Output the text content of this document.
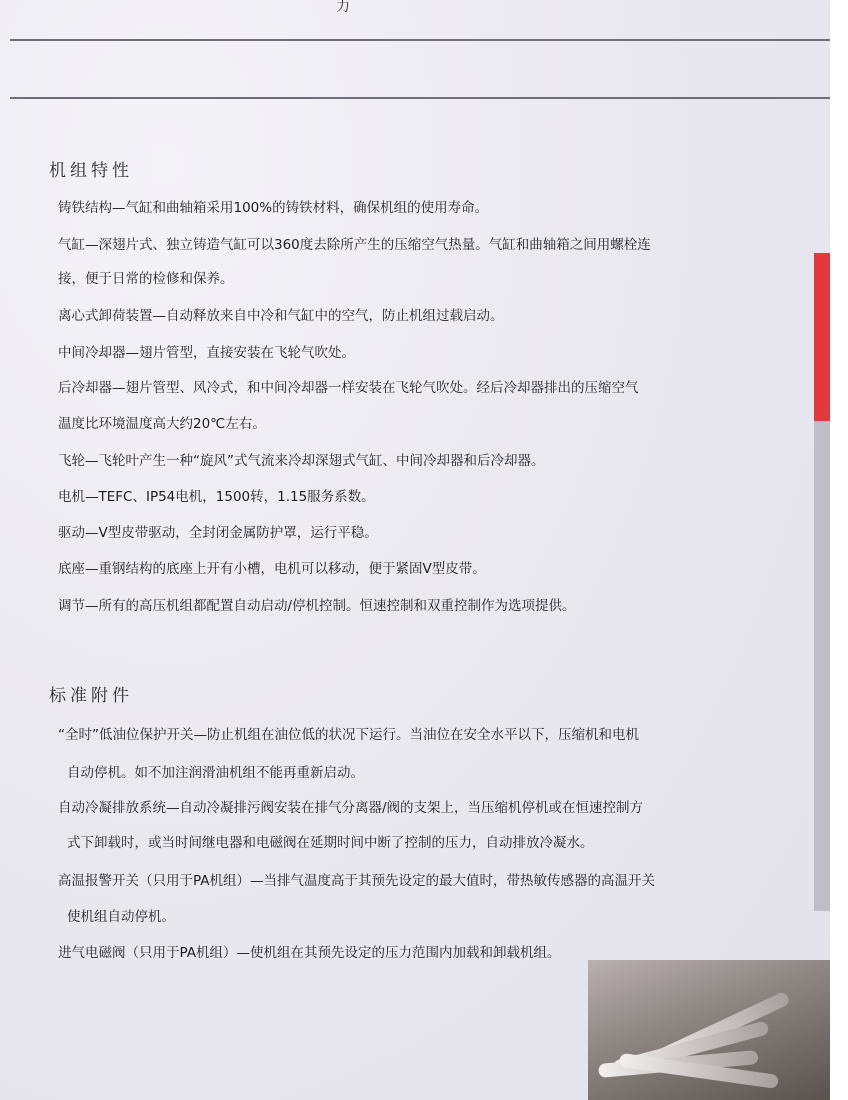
力
机组特性

铸铁结构—气缸和曲轴箱采用100%的铸铁材料，确保机组的使用寿命。

气缸—深翅片式、独立铸造气缸可以360度去除所产生的压缩空气热量。气缸和曲轴箱之间用螺栓连

接，便于日常的检修和保养。

离心式卸荷装置—自动释放来自中冷和气缸中的空气，防止机组过载启动。

中间冷却器—翅片管型，直接安装在飞轮气吹处。

后冷却器—翅片管型、风冷式，和中间冷却器一样安装在飞轮气吹处。经后冷却器排出的压缩空气

温度比环境温度高大约20℃左右。

飞轮—飞轮叶产生一种“旋风”式气流来冷却深翅式气缸、中间冷却器和后冷却器。

电机—TEFC、IP54电机，1500转，1.15服务系数。

驱动—V型皮带驱动，全封闭金属防护罩，运行平稳。

底座—重钢结构的底座上开有小槽，电机可以移动，便于紧固V型皮带。

调节—所有的高压机组都配置自动启动/停机控制。恒速控制和双重控制作为选项提供。

标准附件

“全时”低油位保护开关—防止机组在油位低的状况下运行。当油位在安全水平以下，压缩机和电机

自动停机。如不加注润滑油机组不能再重新启动。

自动冷凝排放系统—自动冷凝排污阀安装在排气分离器/阀的支架上，当压缩机停机或在恒速控制方

式下卸载时，或当时间继电器和电磁阀在延期时间中断了控制的压力，自动排放冷凝水。

高温报警开关（只用于PA机组）—当排气温度高于其预先设定的最大值时，带热敏传感器的高温开关

使机组自动停机。

进气电磁阀（只用于PA机组）—使机组在其预先设定的压力范围内加载和卸载机组。
